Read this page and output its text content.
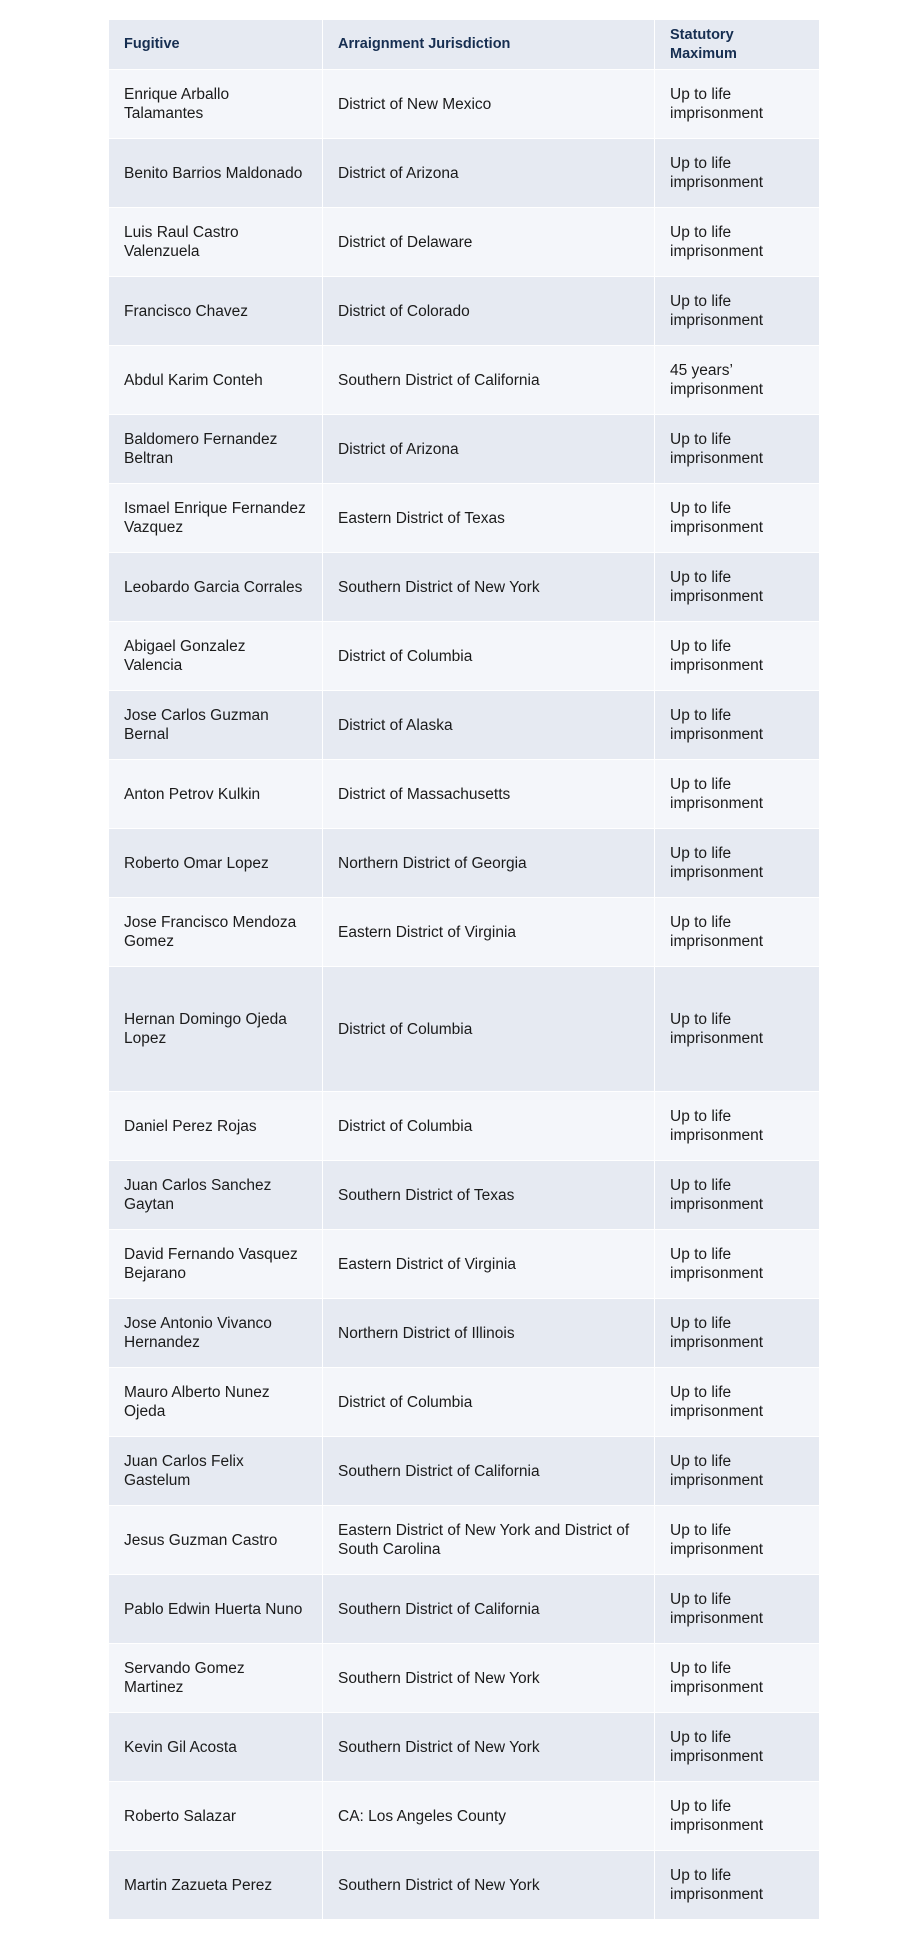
Fugitive	Arraignment Jurisdiction	Statutory Maximum
Enrique Arballo Talamantes	District of New Mexico	Up to life imprisonment
Benito Barrios Maldonado	District of Arizona	Up to life imprisonment
Luis Raul Castro Valenzuela	District of Delaware	Up to life imprisonment
Francisco Chavez	District of Colorado	Up to life imprisonment
Abdul Karim Conteh	Southern District of California	45 years’ imprisonment
Baldomero Fernandez Beltran	District of Arizona	Up to life imprisonment
Ismael Enrique Fernandez Vazquez	Eastern District of Texas	Up to life imprisonment
Leobardo Garcia Corrales	Southern District of New York	Up to life imprisonment
Abigael Gonzalez Valencia	District of Columbia	Up to life imprisonment
Jose Carlos Guzman Bernal	District of Alaska	Up to life imprisonment
Anton Petrov Kulkin	District of Massachusetts	Up to life imprisonment
Roberto Omar Lopez	Northern District of Georgia	Up to life imprisonment
Jose Francisco Mendoza Gomez	Eastern District of Virginia	Up to life imprisonment
Hernan Domingo Ojeda Lopez	District of Columbia	Up to life imprisonment
Daniel Perez Rojas	District of Columbia	Up to life imprisonment
Juan Carlos Sanchez Gaytan	Southern District of Texas	Up to life imprisonment
David Fernando Vasquez Bejarano	Eastern District of Virginia	Up to life imprisonment
Jose Antonio Vivanco Hernandez	Northern District of Illinois	Up to life imprisonment
Mauro Alberto Nunez Ojeda	District of Columbia	Up to life imprisonment
Juan Carlos Felix Gastelum	Southern District of California	Up to life imprisonment
Jesus Guzman Castro	Eastern District of New York and District of South Carolina	Up to life imprisonment
Pablo Edwin Huerta Nuno	Southern District of California	Up to life imprisonment
Servando Gomez Martinez	Southern District of New York	Up to life imprisonment
Kevin Gil Acosta	Southern District of New York	Up to life imprisonment
Roberto Salazar	CA: Los Angeles County	Up to life imprisonment
Martin Zazueta Perez	Southern District of New York	Up to life imprisonment
